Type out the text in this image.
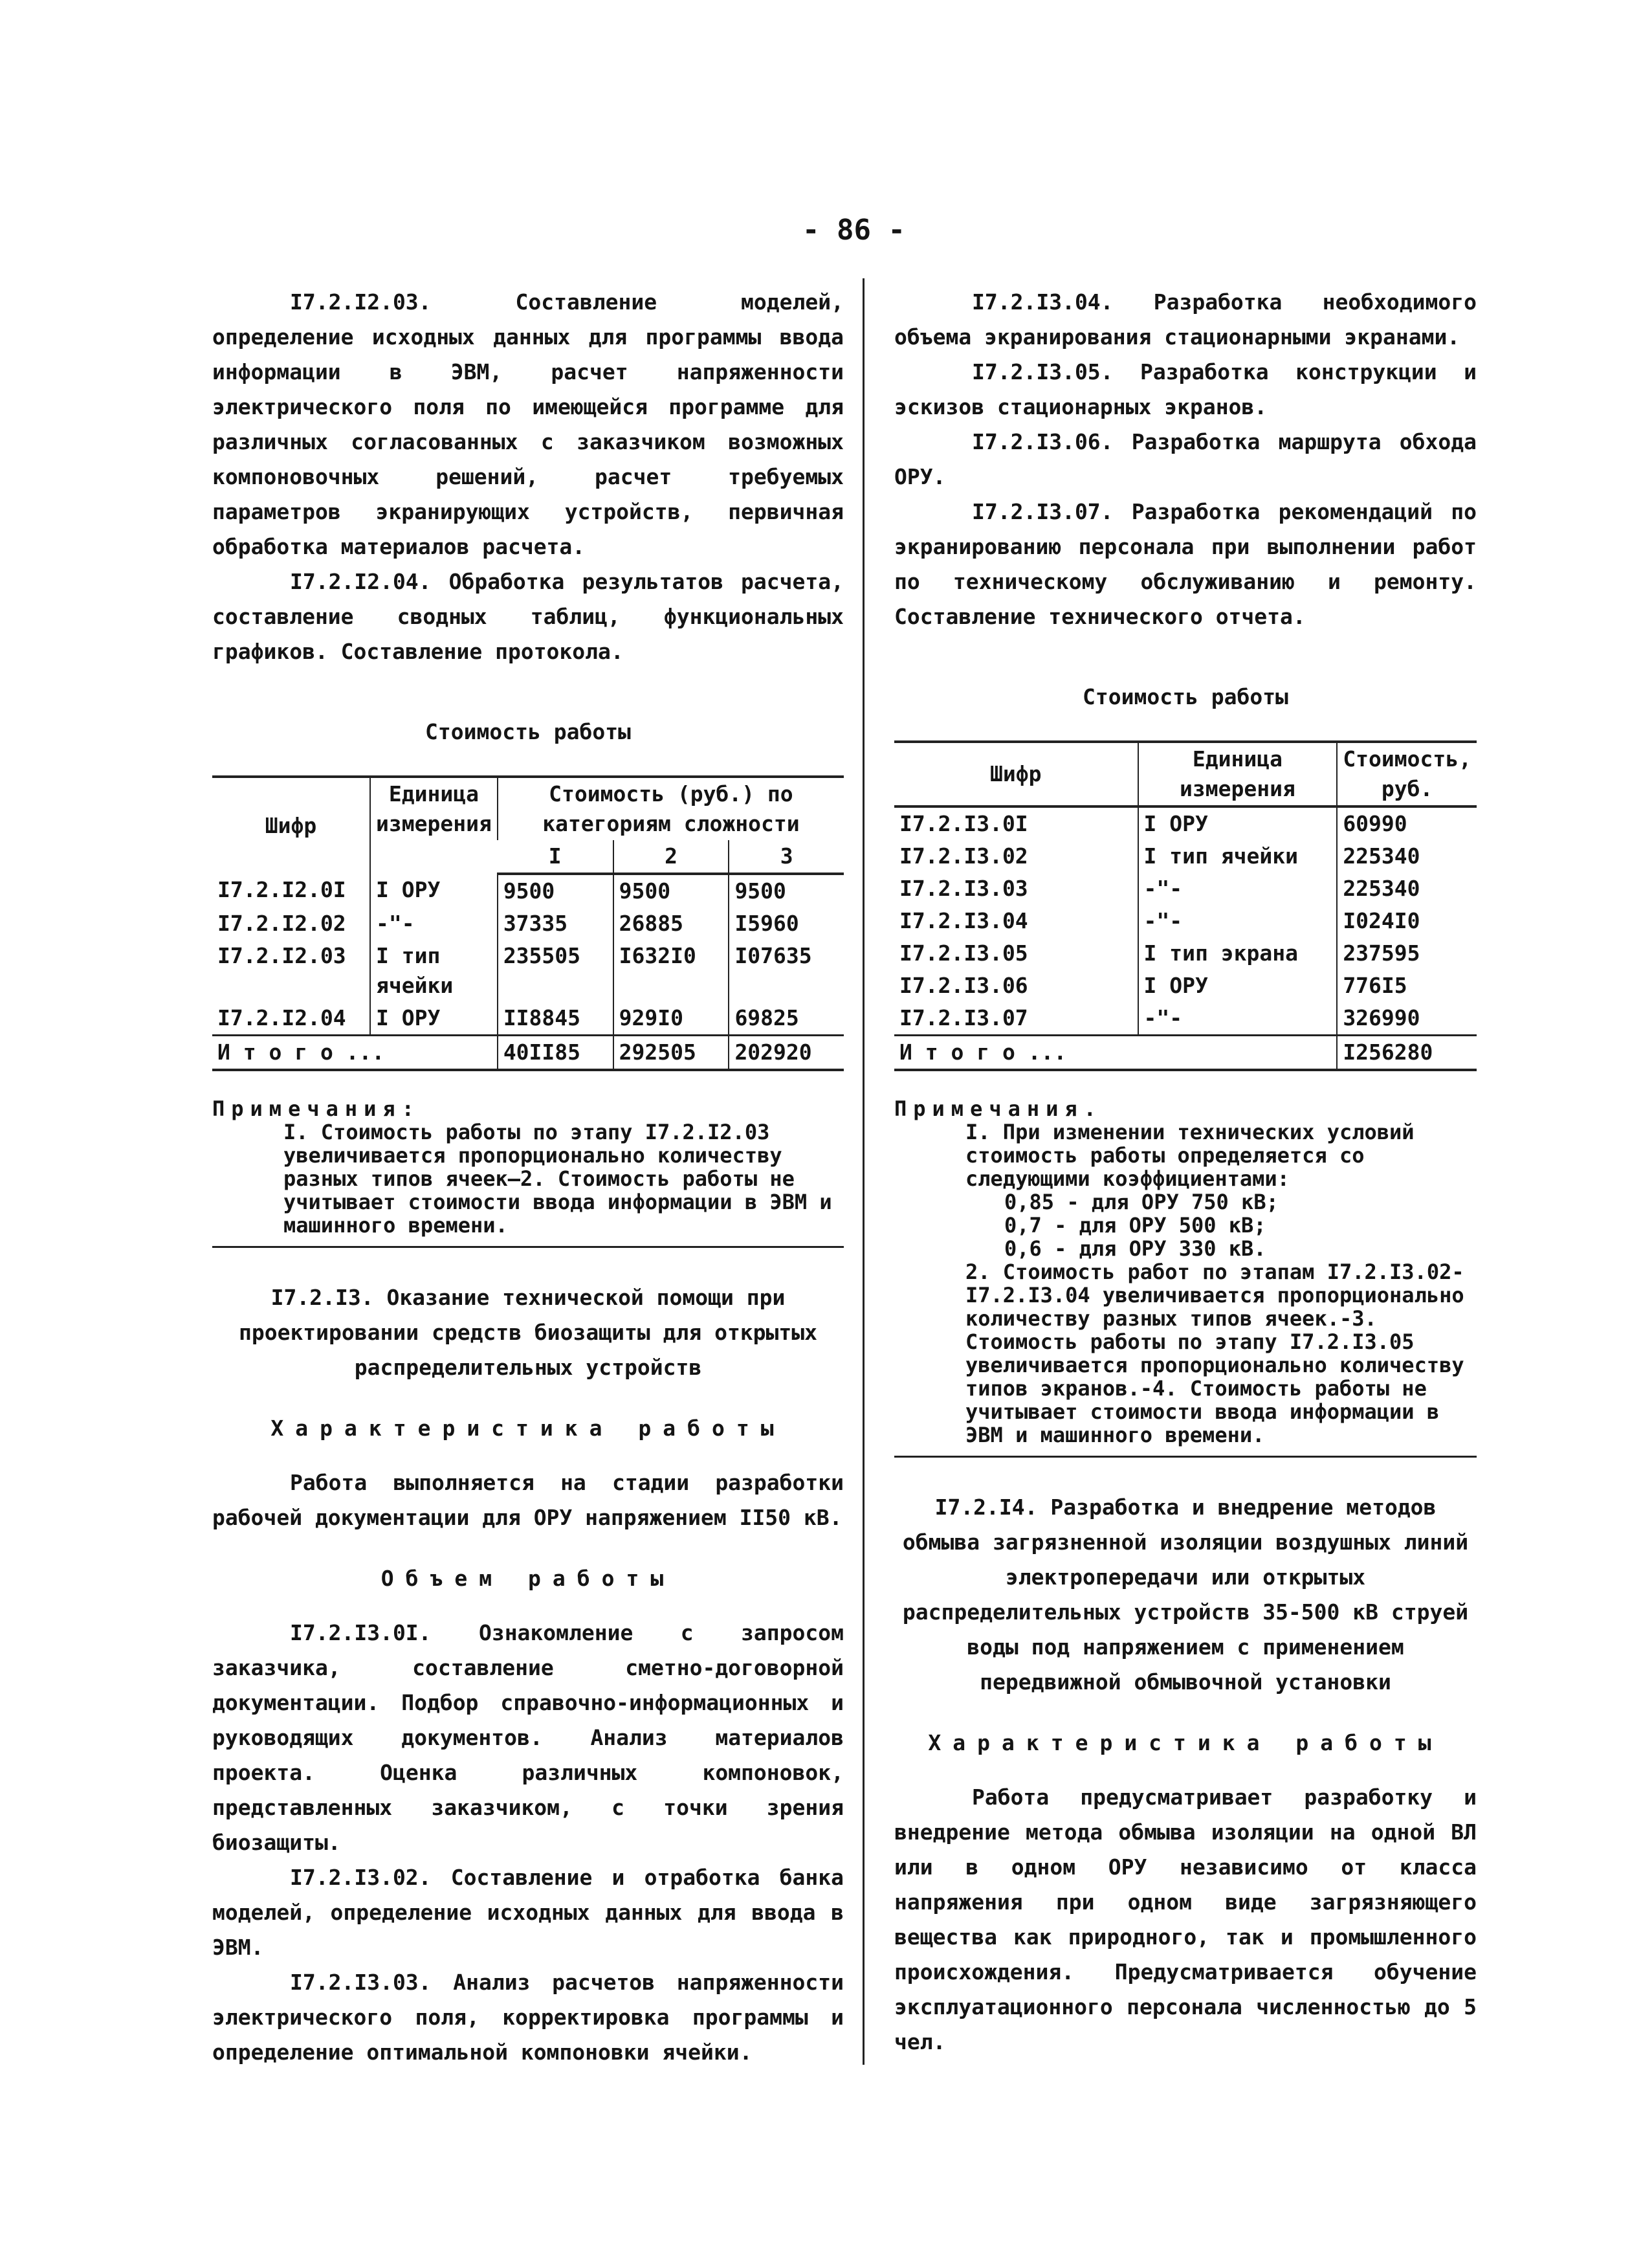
- 86 -

I7.2.I2.03. Составление моделей, определение исходных данных для программы ввода информации в ЭВМ, расчет напряженности электрического поля по имеющейся программе для различных согласованных с заказчиком возможных компоновочных решений, расчет требуемых параметров экранирующих устройств, первичная обработка материалов расчета.

I7.2.I2.04. Обработка результатов расчета, составление сводных таблиц, функциональных графиков. Составление протокола.

Стоимость работы
Шифр	Единица измерения	Стоимость (руб.) по категориям сложности		
		I	2	3
I7.2.I2.0I	I ОРУ	9500	9500	9500
I7.2.I2.02	-"-	37335	26885	I5960
I7.2.I2.03	I тип ячейки	235505	I632I0	I07635
I7.2.I2.04	I ОРУ	II8845	929I0	69825
И т о г о ...		40II85	292505	202920
Примечания:
I. Стоимость работы по этапу I7.2.I2.03 увеличивается пропорционально количеству разных типов ячеек—2. Стоимость работы не учитывает стоимости ввода информации в ЭВМ и машинного времени.

I7.2.I3. Оказание технической помощи при проектировании средств биозащиты для открытых распределительных устройств

Характеристика работы

Работа выполняется на стадии разработки рабочей документации для ОРУ напряжением II50 кВ.

Объем работы

I7.2.I3.0I. Ознакомление с запросом заказчика, составление сметно-договорной документации. Подбор справочно-информационных и руководящих документов. Анализ материалов проекта. Оценка различных компоновок, представленных заказчиком, с точки зрения биозащиты.

I7.2.I3.02. Составление и отработка банка моделей, определение исходных данных для ввода в ЭВМ.

I7.2.I3.03. Анализ расчетов напряженности электрического поля, корректировка программы и определение оптимальной компоновки ячейки.

I7.2.I3.04. Разработка необходимого объема экранирования стационарными экранами.

I7.2.I3.05. Разработка конструкции и эскизов стационарных экранов.

I7.2.I3.06. Разработка маршрута обхода ОРУ.

I7.2.I3.07. Разработка рекомендаций по экранированию персонала при выполнении работ по техническому обслуживанию и ремонту. Составление технического отчета.

Стоимость работы
Шифр	Единица измерения	Стоимость, руб.
I7.2.I3.0I	I ОРУ	60990
I7.2.I3.02	I тип ячейки	225340
I7.2.I3.03	-"-	225340
I7.2.I3.04	-"-	I024I0
I7.2.I3.05	I тип экрана	237595
I7.2.I3.06	I ОРУ	776I5
I7.2.I3.07	-"-	326990
И т о г о ...		I256280
Примечания.
I. При изменении технических условий стоимость работы определяется со следующими коэффициентами:
0,85 - для ОРУ 750 кВ;
0,7 - для ОРУ 500 кВ;
0,6 - для ОРУ 330 кВ.
2. Стоимость работ по этапам I7.2.I3.02-I7.2.I3.04 увеличивается пропорционально количеству разных типов ячеек.-3. Стоимость работы по этапу I7.2.I3.05 увеличивается пропорционально количеству типов экранов.-4. Стоимость работы не учитывает стоимости ввода информации в ЭВМ и машинного времени.

I7.2.I4. Разработка и внедрение методов обмыва загрязненной изоляции воздушных линий электропередачи или открытых распределительных устройств 35-500 кВ струей воды под напряжением с применением передвижной обмывочной установки

Характеристика работы

Работа предусматривает разработку и внедрение метода обмыва изоляции на одной ВЛ или в одном ОРУ независимо от класса напряжения при одном виде загрязняющего вещества как природного, так и промышленного происхождения. Предусматривается обучение эксплуатационного персонала численностью до 5 чел.
